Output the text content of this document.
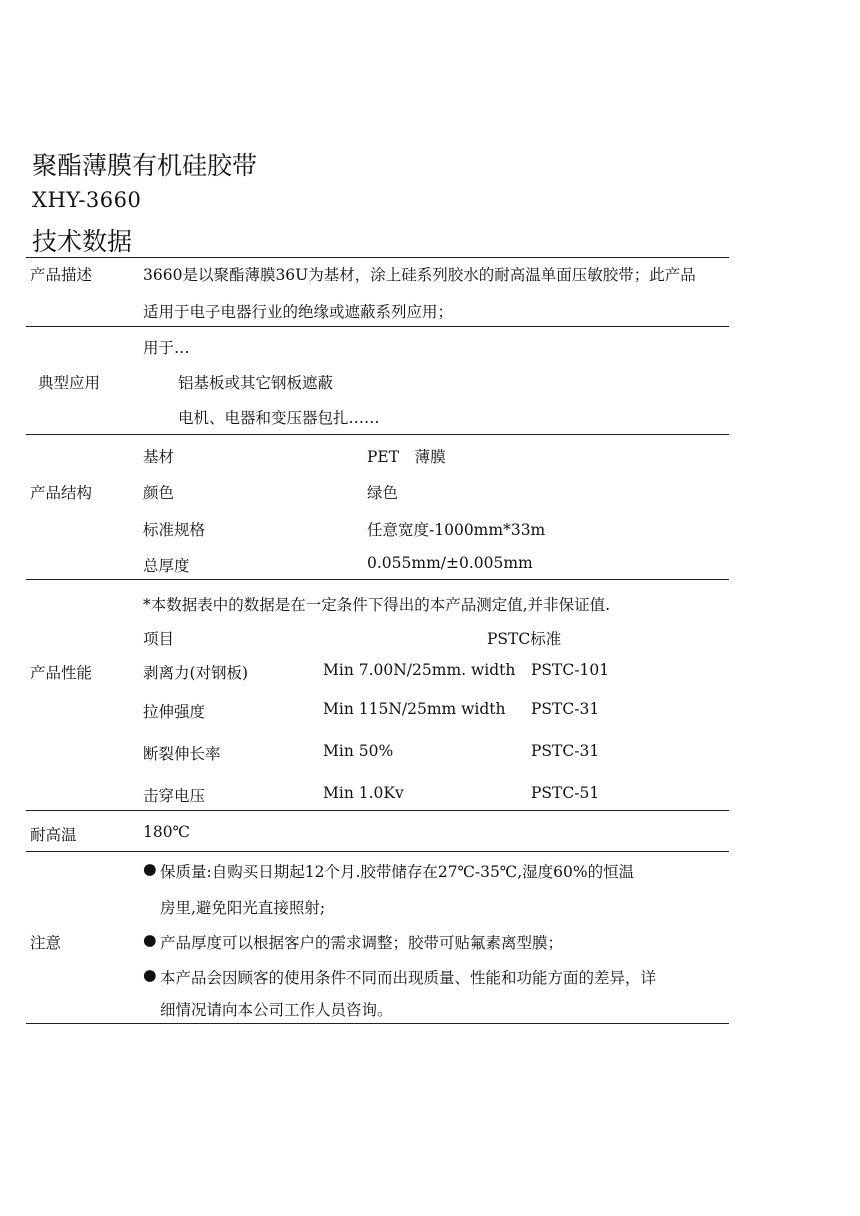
聚酯薄膜有机硅胶带
XHY-3660
技术数据
产品描述	3660是以聚酯薄膜36U为基材，涂上硅系列胶水的耐高温单面压敏胶带；此产品
适用于电子电器行业的绝缘或遮蔽系列应用；
用于…
典型应用	铝基板或其它钢板遮蔽
电机、电器和变压器包扎……
产品结构
基材	PET　薄膜
颜色	绿色
标准规格	任意宽度-1000mm*33m
总厚度	0.055mm/±0.005mm
*本数据表中的数据是在一定条件下得出的本产品测定值,并非保证值.
项目	PSTC标准
产品性能	剥离力(对钢板)	Min 7.00N/25mm. width PSTC-101
拉伸强度	Min 115N/25mm width PSTC-31
断裂伸长率	Min 50%	PSTC-31
击穿电压	Min 1.0Kv	PSTC-51
耐高温	180℃
● 保质量:自购买日期起12个月.胶带储存在27℃-35℃,湿度60%的恒温
房里,避免阳光直接照射;
注意	● 产品厚度可以根据客户的需求调整；胶带可贴氟素离型膜；
● 本产品会因顾客的使用条件不同而出现质量、性能和功能方面的差异，详
细情况请向本公司工作人员咨询。
